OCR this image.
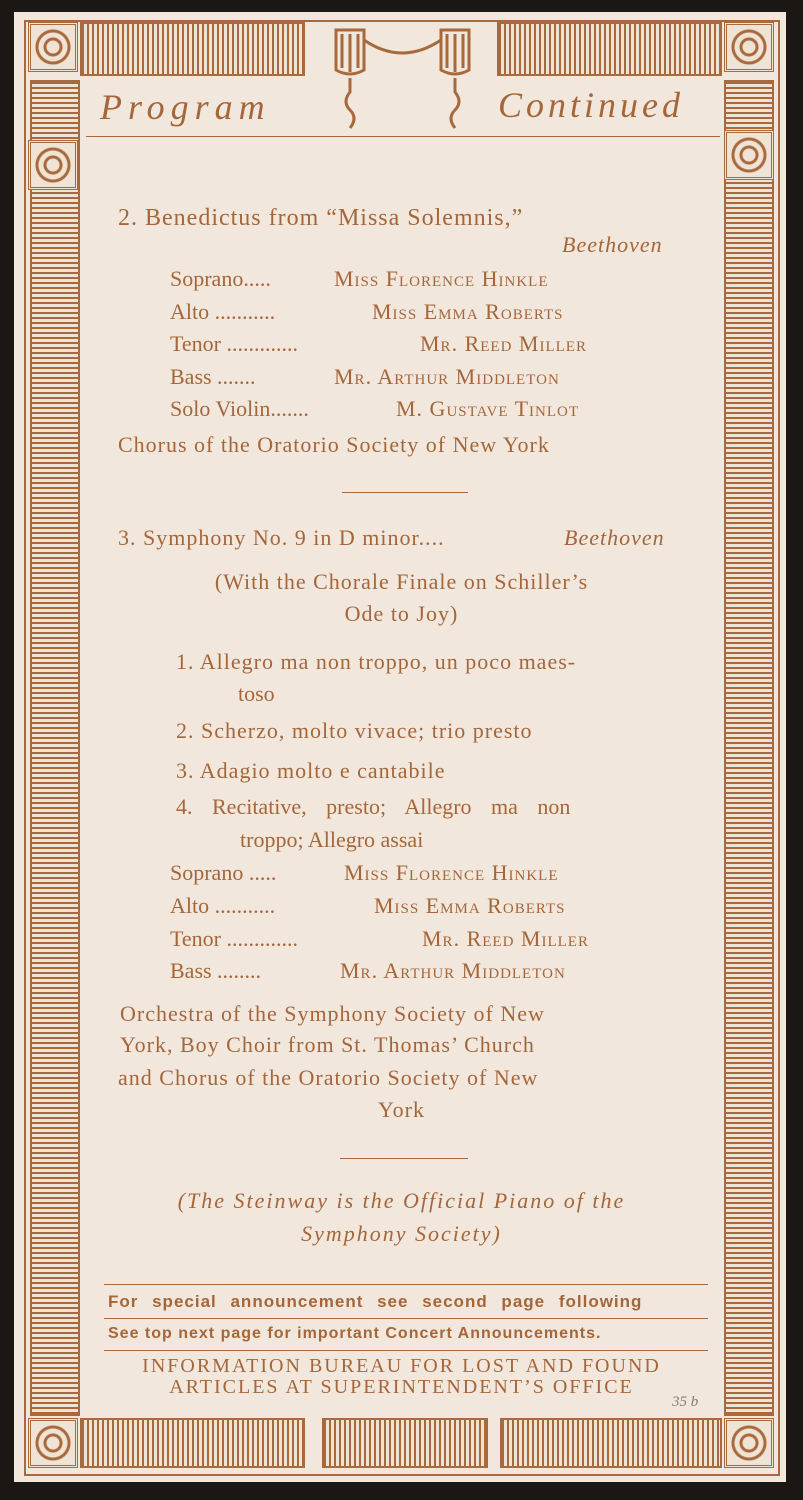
Program	Continued
2. Benedictus from “Missa Solemnis,”
Beethoven
Soprano.....	Miss Florence Hinkle
Alto ...........	Miss Emma Roberts
Tenor .............	Mr. Reed Miller
Bass .......	Mr. Arthur Middleton
Solo Violin.......	M. Gustave Tinlot
Chorus of the Oratorio Society of New York
3. Symphony No. 9 in D minor....	Beethoven
(With the Chorale Finale on Schiller’s
Ode to Joy)
1. Allegro ma non troppo, un poco maes-
toso
2. Scherzo, molto vivace; trio presto
3. Adagio molto e cantabile
4. Recitative, presto; Allegro ma non
troppo; Allegro assai
Soprano .....	Miss Florence Hinkle
Alto ...........	Miss Emma Roberts
Tenor .............	Mr. Reed Miller
Bass ........	Mr. Arthur Middleton
Orchestra of the Symphony Society of New
York, Boy Choir from St. Thomas’ Church
and Chorus of the Oratorio Society of New
York
(The Steinway is the Official Piano of the
Symphony Society)
For special announcement see second page following
See top next page for important Concert Announcements.
INFORMATION BUREAU FOR LOST AND FOUND
ARTICLES AT SUPERINTENDENT’S OFFICE
35 b
